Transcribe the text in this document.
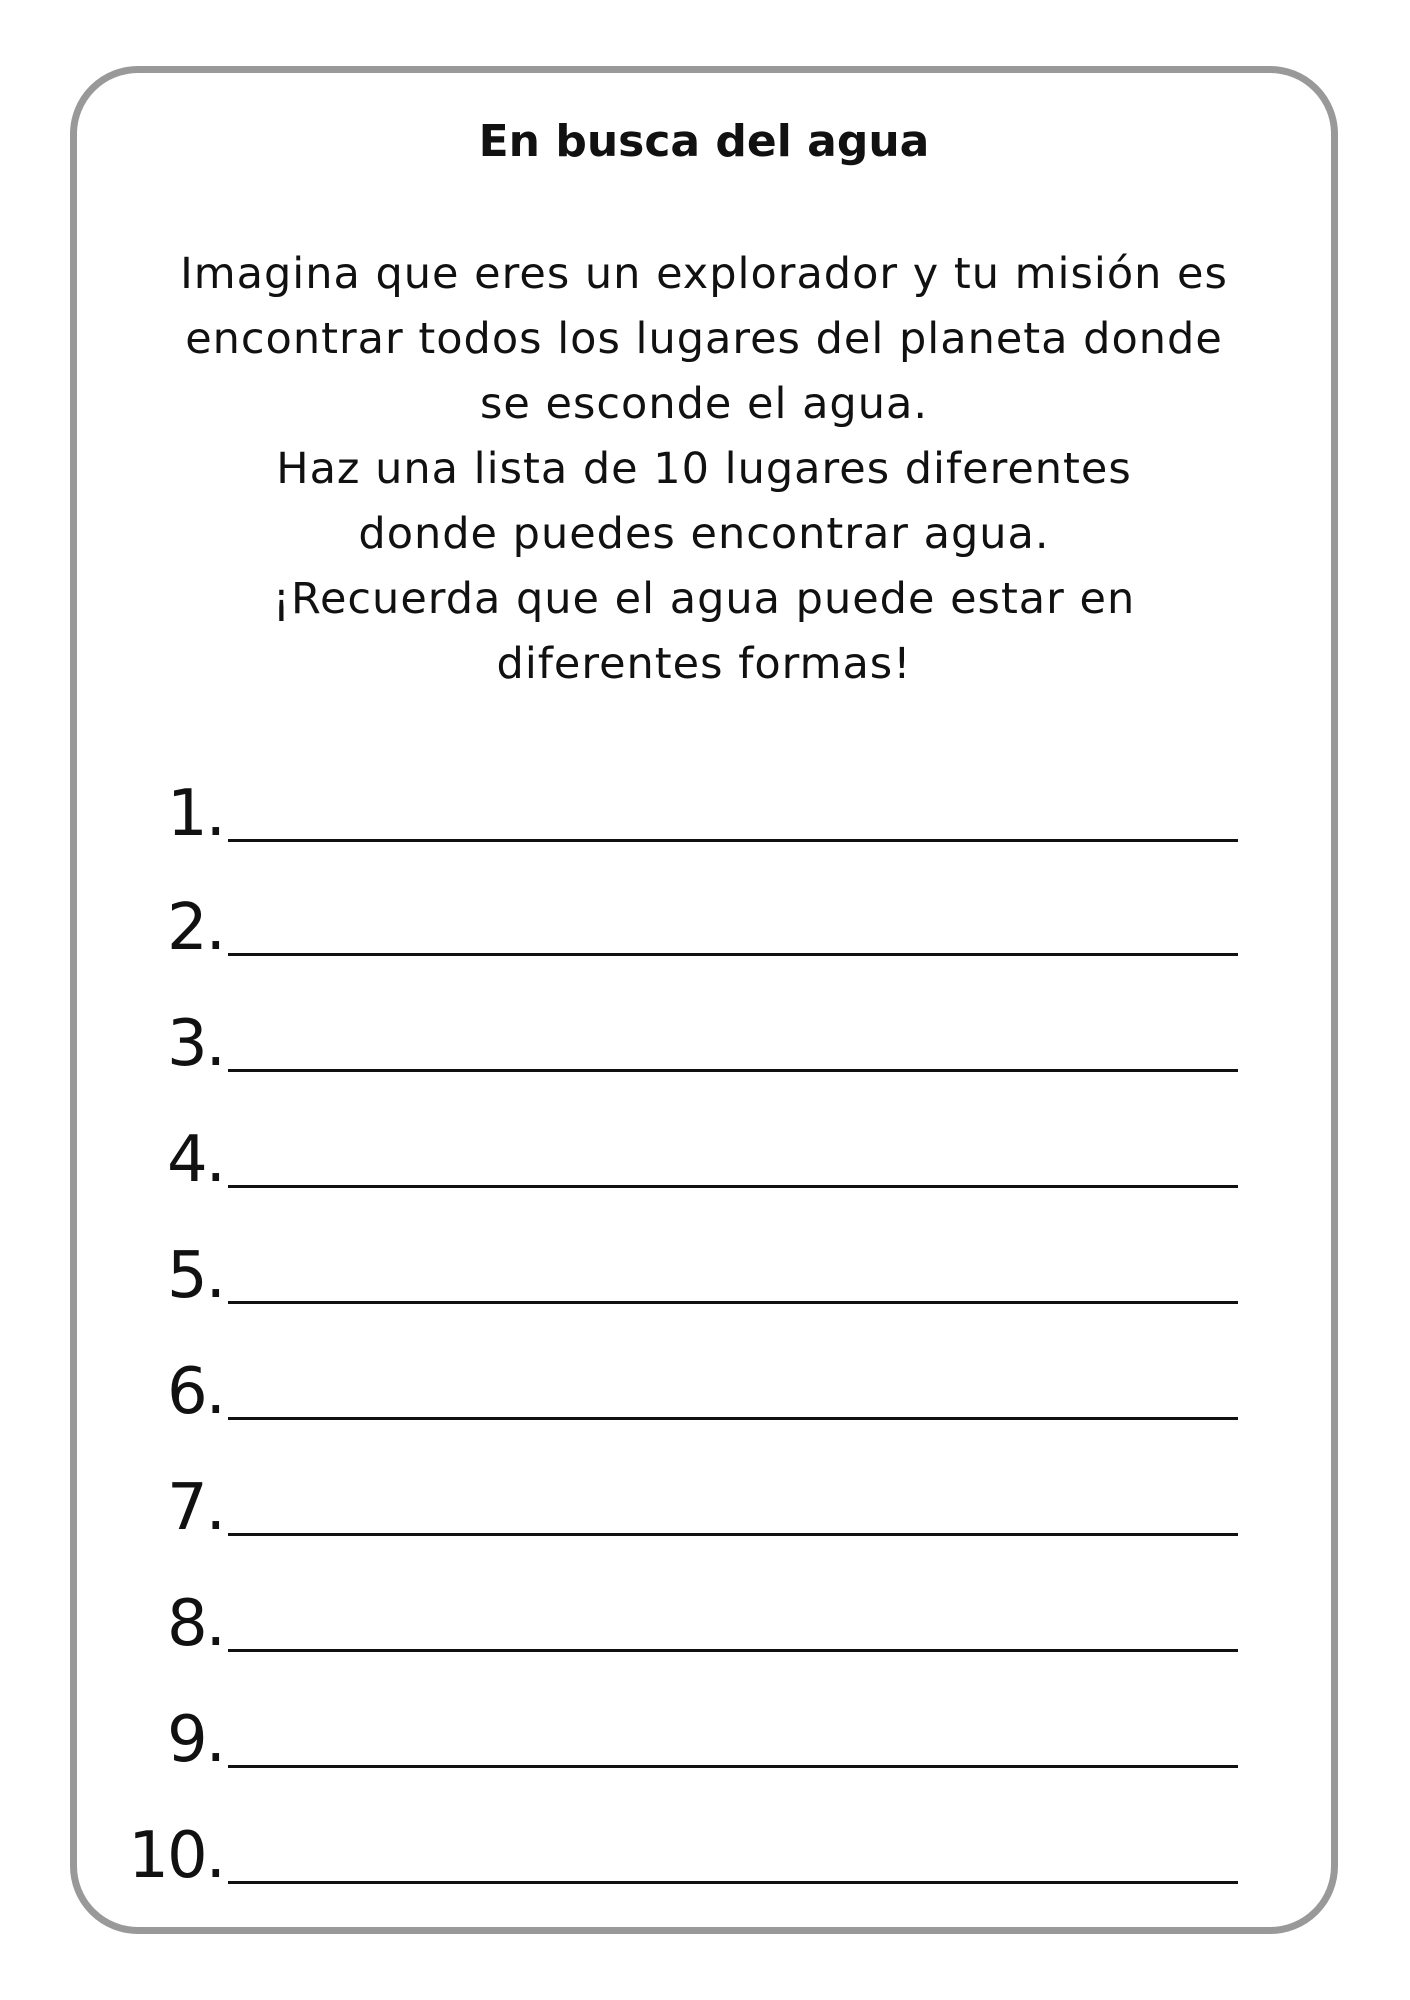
En busca del agua
Imagina que eres un explorador y tu misión es
encontrar todos los lugares del planeta donde
se esconde el agua.
Haz una lista de 10 lugares diferentes
donde puedes encontrar agua.
¡Recuerda que el agua puede estar en
diferentes formas!
1.
2.
3.
4.
5.
6.
7.
8.
9.
10.
